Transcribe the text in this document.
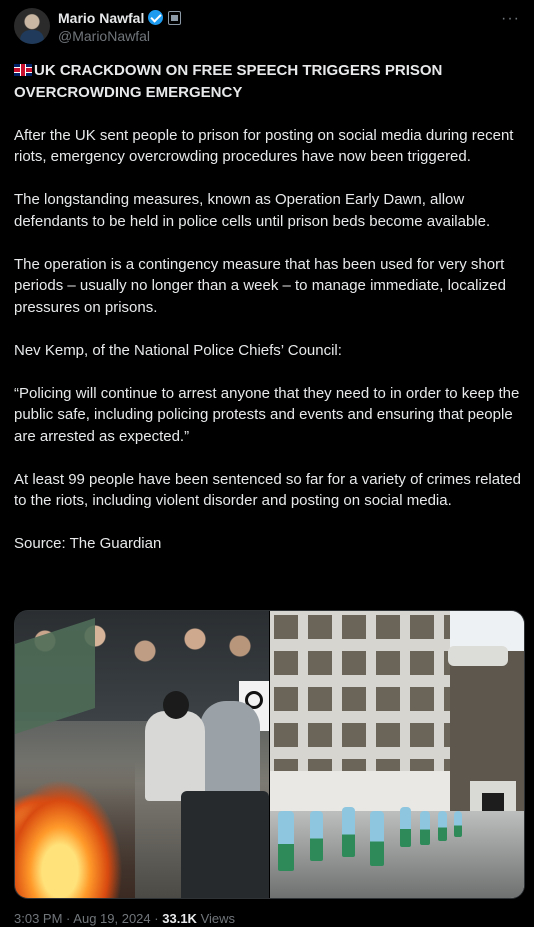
Mario Nawfal
@MarioNawfal
···

UK CRACKDOWN ON FREE SPEECH TRIGGERS PRISON OVERCROWDING EMERGENCY

After the UK sent people to prison for posting on social media during recent riots, emergency overcrowding procedures have now been triggered.

The longstanding measures, known as Operation Early Dawn, allow defendants to be held in police cells until prison beds become available.

The operation is a contingency measure that has been used for very short periods – usually no longer than a week – to manage immediate, localized pressures on prisons.

Nev Kemp, of the National Police Chiefs’ Council:

“Policing will continue to arrest anyone that they need to in order to keep the public safe, including policing protests and events and ensuring that people are arrested as expected.”

At least 99 people have been sentenced so far for a variety of crimes related to the riots, including violent disorder and posting on social media.

Source: The Guardian

3:03 PM · Aug 19, 2024 · 33.1K Views
